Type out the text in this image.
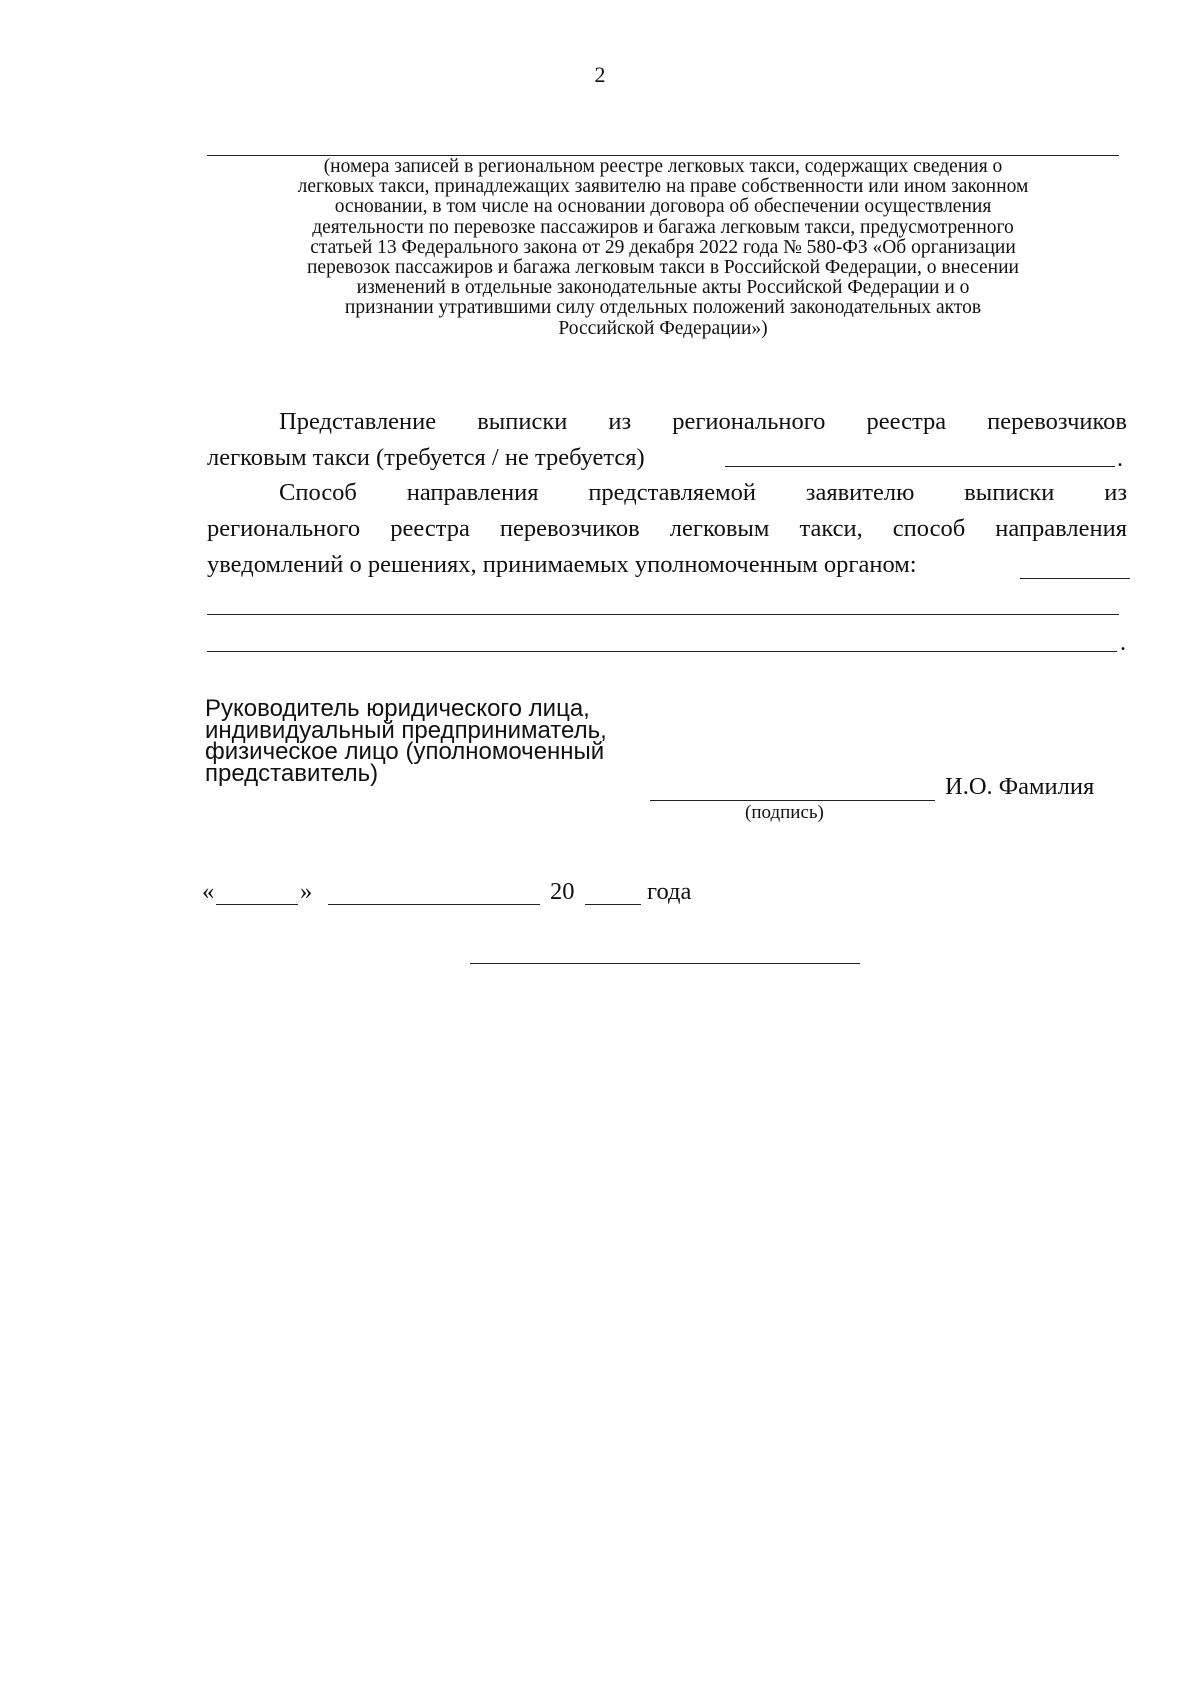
2
(номера записей в региональном реестре легковых такси, содержащих сведения о
легковых такси, принадлежащих заявителю на праве собственности или ином законном
основании, в том числе на основании договора об обеспечении осуществления
деятельности по перевозке пассажиров и багажа легковым такси, предусмотренного
статьей 13 Федерального закона от 29 декабря 2022 года № 580-ФЗ «Об организации
перевозок пассажиров и багажа легковым такси в Российской Федерации, о внесении
изменений в отдельные законодательные акты Российской Федерации и о
признании утратившими силу отдельных положений законодательных актов
Российской Федерации»)
Представление выписки из регионального реестра перевозчиков
легковым такси (требуется / не требуется)	.
Способ направления представляемой заявителю выписки из
регионального реестра перевозчиков легковым такси, способ направления
уведомлений о решениях, принимаемых уполномоченным органом:
.
Руководитель юридического лица,
индивидуальный предприниматель,
физическое лицо (уполномоченный
представитель)	И.О. Фамилия
(подпись)
«	»	20	года
